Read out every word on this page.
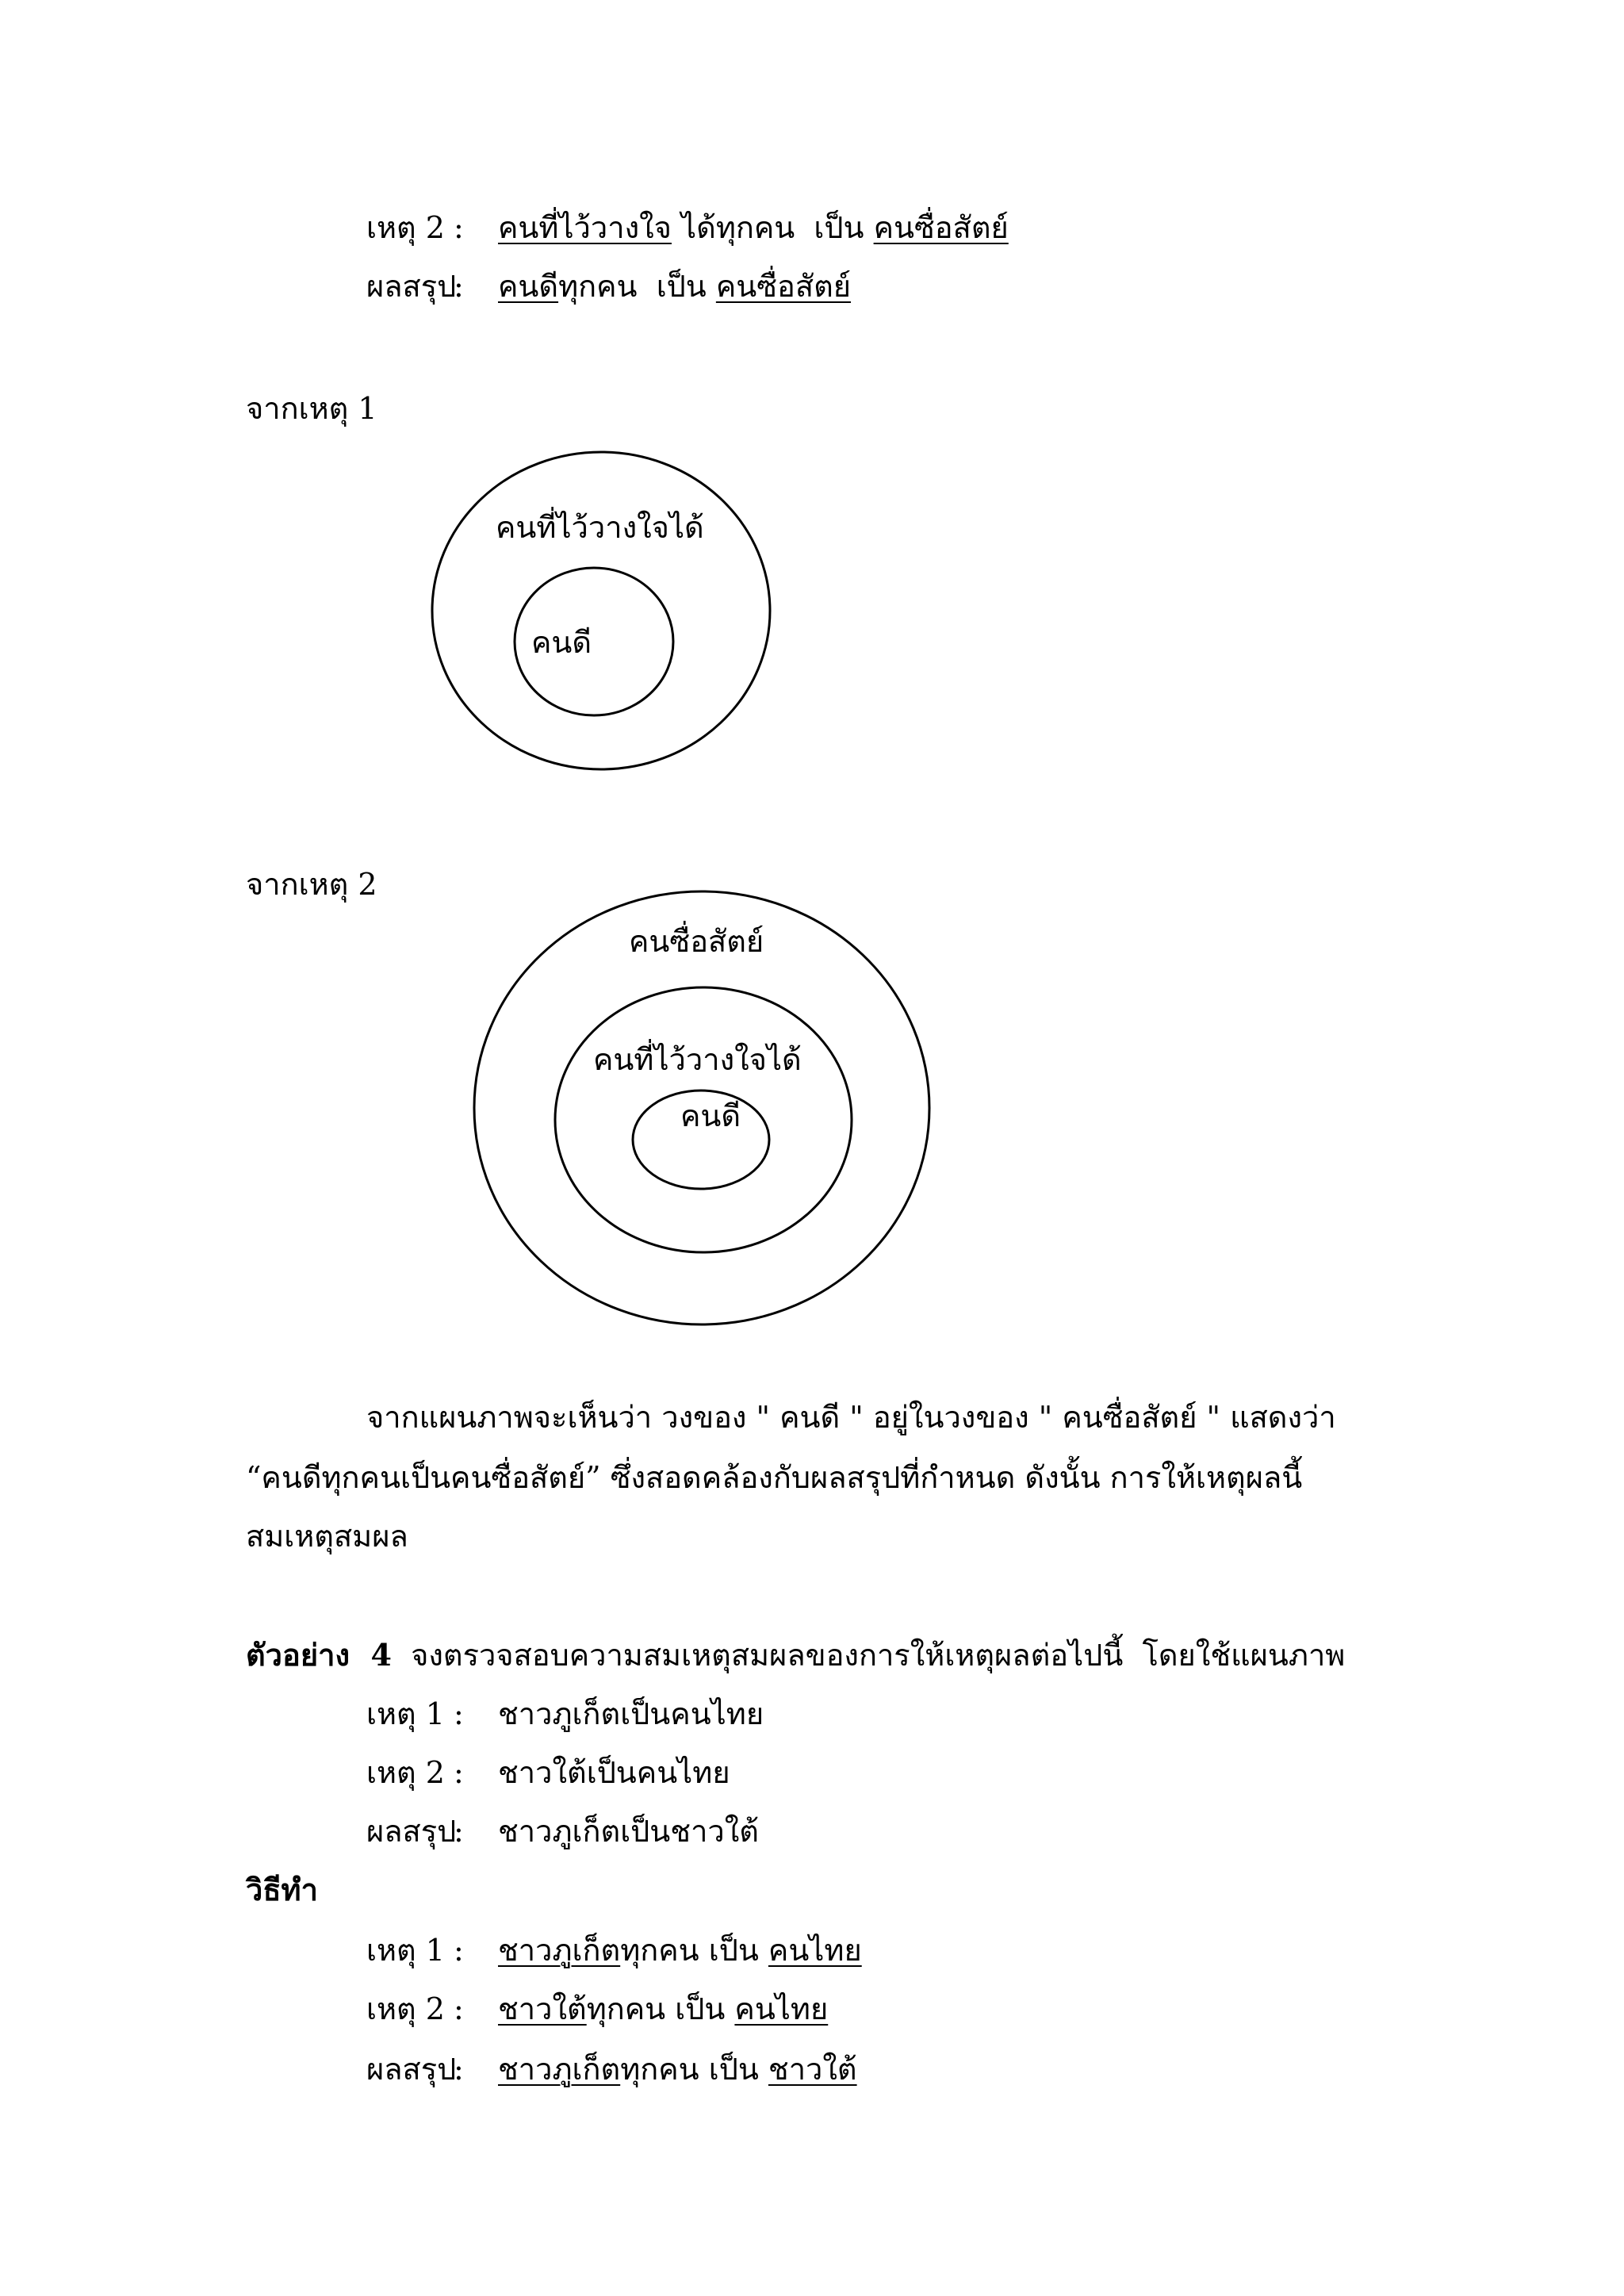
เหตุ 2 : คนที่ไว้วางใจ ได้ทุกคน  เป็น คนซื่อสัตย์
ผลสรุป: คนดีทุกคน  เป็น คนซื่อสัตย์
จากเหตุ 1
จากเหตุ 2
คนที่ไว้วางใจได้
คนดี
คนซื่อสัตย์
คนที่ไว้วางใจได้
คนดี
จากแผนภาพจะเห็นว่า วงของ " คนดี " อยู่ในวงของ " คนซื่อสัตย์ " แสดงว่า
“คนดีทุกคนเป็นคนซื่อสัตย์” ซึ่งสอดคล้องกับผลสรุปที่กำหนด ดังนั้น การให้เหตุผลนี้
สมเหตุสมผล
ตัวอย่าง  4  จงตรวจสอบความสมเหตุสมผลของการให้เหตุผลต่อไปนี้  โดยใช้แผนภาพ
เหตุ 1 : ชาวภูเก็ตเป็นคนไทย
เหตุ 2 : ชาวใต้เป็นคนไทย
ผลสรุป: ชาวภูเก็ตเป็นชาวใต้
วิธีทำ
เหตุ 1 : ชาวภูเก็ตทุกคน เป็น คนไทย
เหตุ 2 : ชาวใต้ทุกคน เป็น คนไทย
ผลสรุป: ชาวภูเก็ตทุกคน เป็น ชาวใต้
